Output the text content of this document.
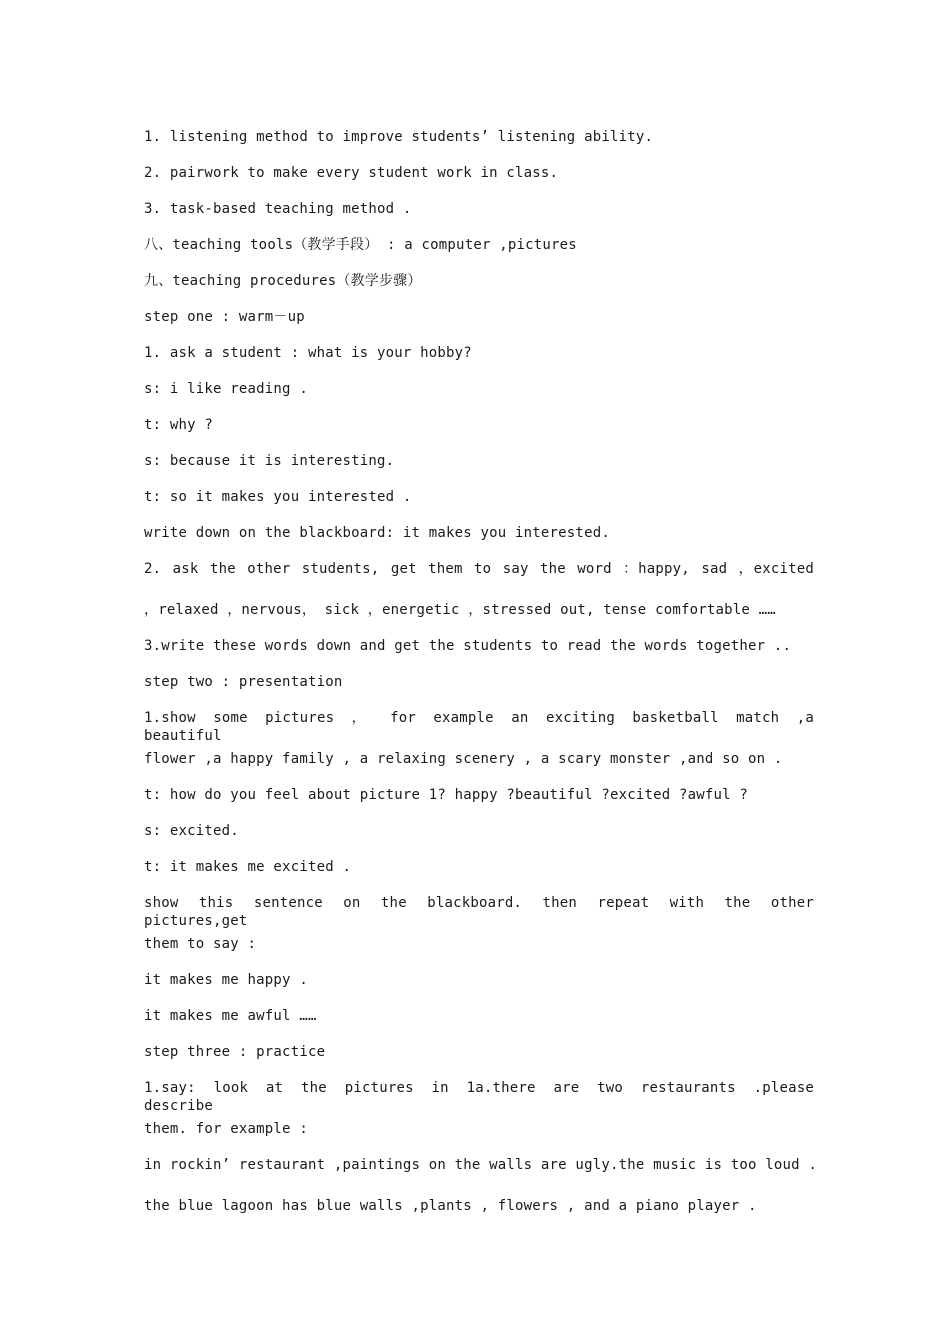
1. listening method to improve students’ listening ability.
2. pairwork to make every student work in class.
3. task-based teaching method .
八、teaching tools（教学手段） : a computer ,pictures
九、teaching procedures（教学步骤）
step one : warm－up
1. ask a student : what is your hobby?
s: i like reading .
t: why ?
s: because it is interesting.
t: so it makes you interested .
write down on the blackboard: it makes you interested.
2. ask the other students, get them to say the word ：happy, sad ，excited
，relaxed ，nervous， sick ，energetic ，stressed out, tense comfortable ……
3.write these words down and get the students to read the words together ..
step two : presentation
1.show some pictures ， for example an exciting basketball match ,a beautiful
flower ,a happy family , a relaxing scenery , a scary monster ,and so on .
t: how do you feel about picture 1? happy ?beautiful ?excited ?awful ?
s: excited.
t: it makes me excited .
show this sentence on the blackboard. then repeat with the other pictures,get
them to say :
it makes me happy .
it makes me awful ……
step three : practice
1.say: look at the pictures in 1a.there are two restaurants .please describe
them. for example :
in rockin’ restaurant ,paintings on the walls are ugly.the music is too loud .
the blue lagoon has blue walls ,plants , flowers , and a piano player .
